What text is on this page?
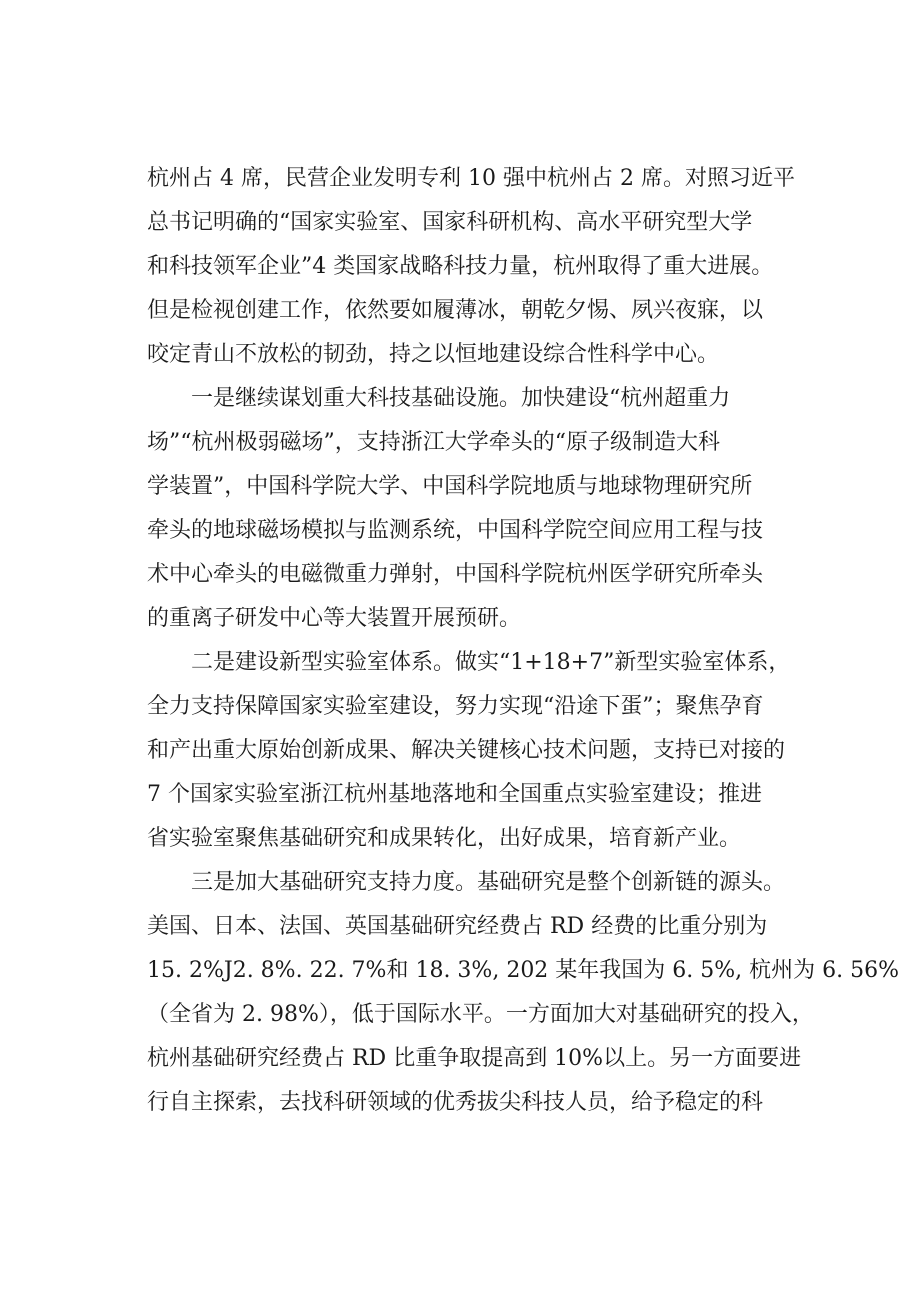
杭州占 4 席，民营企业发明专利 10 强中杭州占 2 席。对照习近平
总书记明确的“国家实验室、国家科研机构、高水平研究型大学
和科技领军企业”4 类国家战略科技力量，杭州取得了重大进展。
但是检视创建工作，依然要如履薄冰，朝乾夕惕、夙兴夜寐，以
咬定青山不放松的韧劲，持之以恒地建设综合性科学中心。

　　一是继续谋划重大科技基础设施。加快建设“杭州超重力
场”“杭州极弱磁场”，支持浙江大学牵头的“原子级制造大科
学装置”，中国科学院大学、中国科学院地质与地球物理研究所
牵头的地球磁场模拟与监测系统，中国科学院空间应用工程与技
术中心牵头的电磁微重力弹射，中国科学院杭州医学研究所牵头
的重离子研发中心等大装置开展预研。

　　二是建设新型实验室体系。做实“1+18+7”新型实验室体系，
全力支持保障国家实验室建设，努力实现“沿途下蛋”；聚焦孕育
和产出重大原始创新成果、解决关键核心技术问题，支持已对接的
7 个国家实验室浙江杭州基地落地和全国重点实验室建设；推进
省实验室聚焦基础研究和成果转化，出好成果，培育新产业。

　　三是加大基础研究支持力度。基础研究是整个创新链的源头。
美国、日本、法国、英国基础研究经费占 RD 经费的比重分别为
15. 2%J2. 8%. 22. 7%和 18. 3%, 202 某年我国为 6. 5%, 杭州为 6. 56%
（全省为 2. 98%），低于国际水平。一方面加大对基础研究的投入，
杭州基础研究经费占 RD 比重争取提高到 10%以上。另一方面要进
行自主探索，去找科研领域的优秀拔尖科技人员，给予稳定的科
